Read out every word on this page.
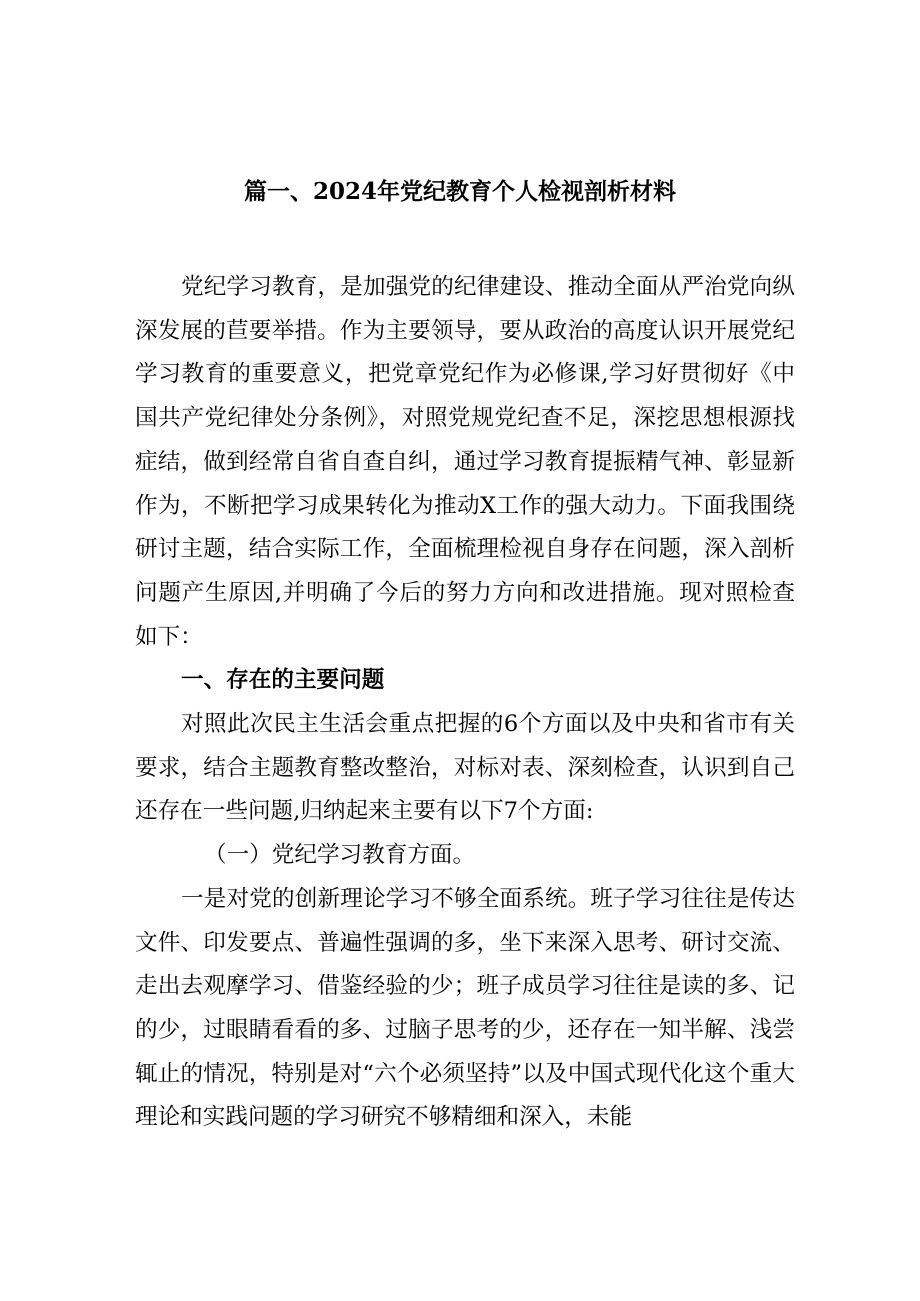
篇一、2024年党纪教育个人检视剖析材料

党纪学习教育，是加强党的纪律建设、推动全面从严治党向纵深发展的苣要举措。作为主要领导，要从政治的高度认识开展党纪学习教育的重要意义，把党章党纪作为必修课,学习好贯彻好《中国共产党纪律处分条例》，对照党规党纪查不足，深挖思想根源找症结，做到经常自省自查自纠，通过学习教育提振精气神、彰显新作为，不断把学习成果转化为推动X工作的强大动力。下面我围绕研讨主题，结合实际工作，全面梳理检视自身存在问题，深入剖析问题产生原因,并明确了今后的努力方向和改进措施。现对照检查如下：

一、存在的主要问题

对照此次民主生活会重点把握的6个方面以及中央和省市有关要求，结合主题教育整改整治，对标对表、深刻检查，认识到自己还存在一些问题,归纳起来主要有以下7个方面:

（一）党纪学习教育方面。

一是对党的创新理论学习不够全面系统。班子学习往往是传达文件、印发要点、普遍性强调的多，坐下来深入思考、研讨交流、走出去观摩学习、借鉴经验的少；班子成员学习往往是读的多、记的少，过眼睛看看的多、过脑子思考的少，还存在一知半解、浅尝辄止的情况，特别是对“六个必须坚持”以及中国式现代化这个重大理论和实践问题的学习研究不够精细和深入，未能
